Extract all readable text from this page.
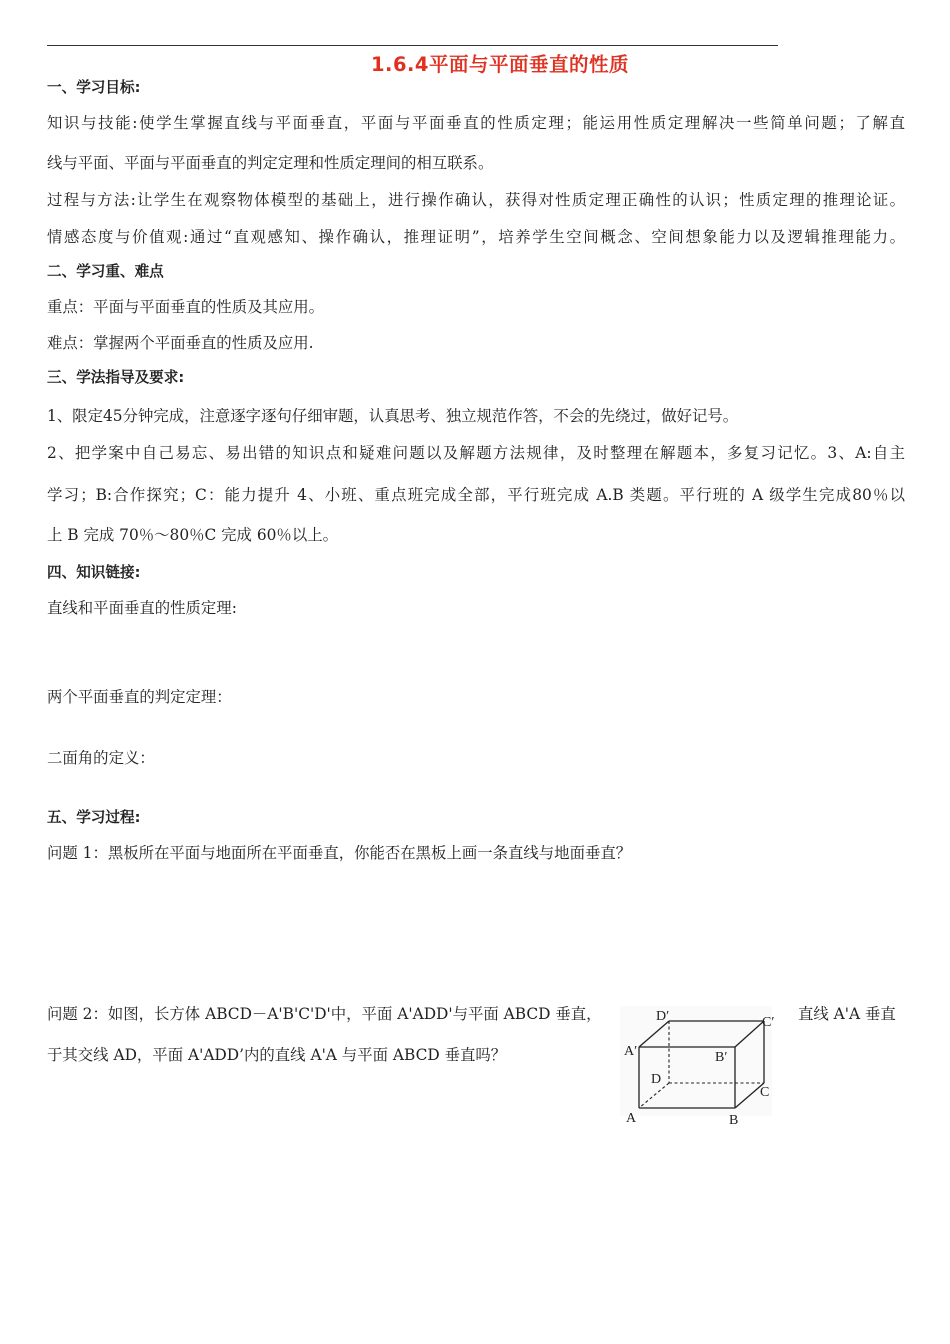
1.6.4平面与平面垂直的性质
一、学习目标:
知识与技能:使学生掌握直线与平面垂直，平面与平面垂直的性质定理；能运用性质定理解决一些简单问题；了解直
线与平面、平面与平面垂直的判定定理和性质定理间的相互联系。
过程与方法:让学生在观察物体模型的基础上，进行操作确认，获得对性质定理正确性的认识；性质定理的推理论证。
情感态度与价值观:通过“直观感知、操作确认，推理证明”，培养学生空间概念、空间想象能力以及逻辑推理能力。
二、学习重、难点
重点：平面与平面垂直的性质及其应用。
难点：掌握两个平面垂直的性质及应用.
三、学法指导及要求:
1、限定45分钟完成，注意逐字逐句仔细审题，认真思考、独立规范作答，不会的先绕过，做好记号。
2、把学案中自己易忘、易出错的知识点和疑难问题以及解题方法规律，及时整理在解题本，多复习记忆。3、A:自主
学习；B:合作探究；C：能力提升 4、小班、重点班完成全部，平行班完成 A.B 类题。平行班的 A 级学生完成80％以
上 B 完成 70％～80％C 完成 60％以上。
四、知识链接:
直线和平面垂直的性质定理:
两个平面垂直的判定定理：
二面角的定义：
五、学习过程:
问题 1：黑板所在平面与地面所在平面垂直，你能否在黑板上画一条直线与地面垂直？
问题 2：如图，长方体 ABCD－A'B'C'D'中，平面 A'ADD'与平面 ABCD 垂直，	直线 A'A 垂直
于其交线 AD，平面 A'ADD’内的直线 A'A 与平面 ABCD 垂直吗？
D′	C′
A′	B′
D
C
A	B
